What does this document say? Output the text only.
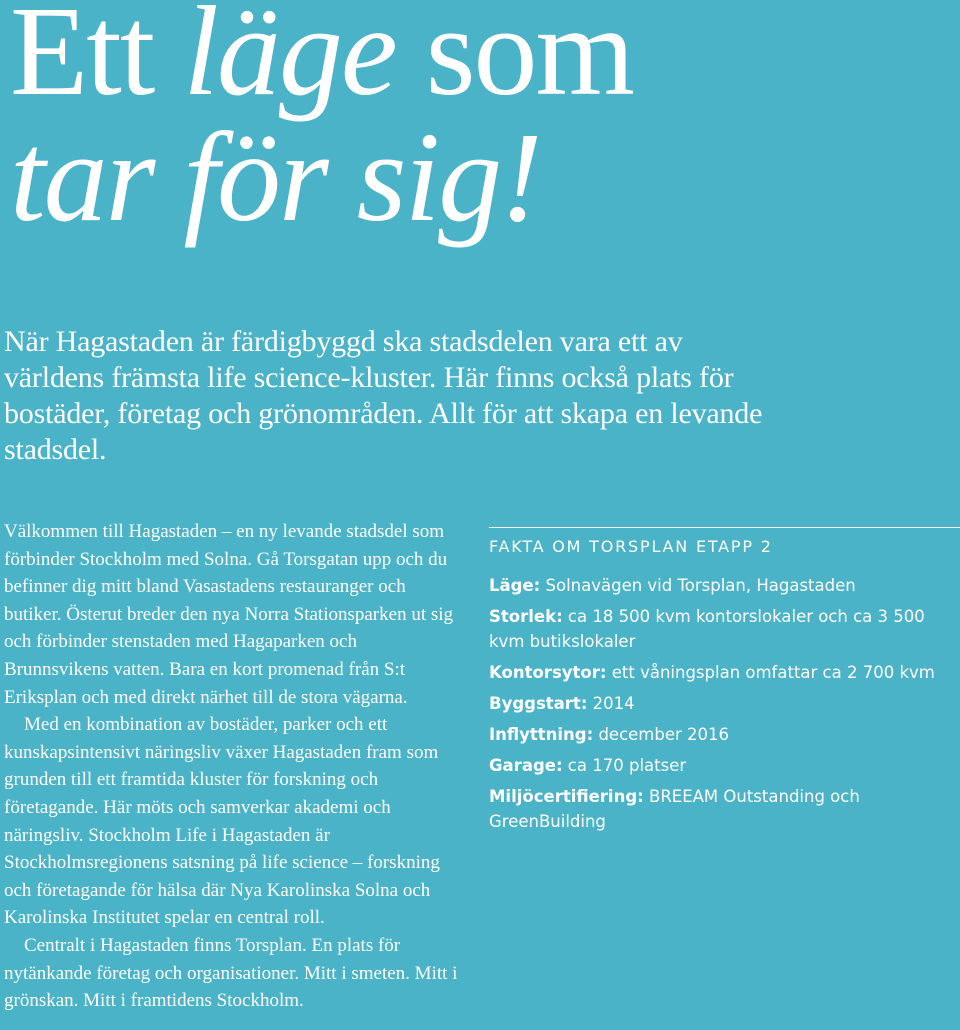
Ett läge som
tar för sig!

När Hagastaden är färdigbyggd ska stadsdelen vara ett av världens främsta life science-kluster. Här finns också plats för bostäder, företag och grönområden. Allt för att skapa en levande stadsdel.

Välkommen till Hagastaden – en ny levande stadsdel som förbinder Stockholm med Solna. Gå Torsgatan upp och du befinner dig mitt bland Vasastadens restauranger och butiker. Österut breder den nya Norra Stationsparken ut sig och förbinder stenstaden med Hagaparken och Brunnsvikens vatten. Bara en kort promenad från S:t Eriksplan och med direkt närhet till de stora vägarna.

Med en kombination av bostäder, parker och ett kunskapsintensivt näringsliv växer Hagastaden fram som grunden till ett framtida kluster för forskning och företagande. Här möts och samverkar akademi och näringsliv. Stockholm Life i Hagastaden är Stockholmsregionens satsning på life science – forskning och företagande för hälsa där Nya Karolinska Solna och Karolinska Institutet spelar en central roll.

Centralt i Hagastaden finns Torsplan. En plats för nytänkande företag och organisationer. Mitt i smeten. Mitt i grönskan. Mitt i framtidens Stockholm.

FAKTA OM TORSPLAN ETAPP 2
Läge: Solnavägen vid Torsplan, Hagastaden
Storlek: ca 18 500 kvm kontorslokaler och ca 3 500 kvm butikslokaler
Kontorsytor: ett våningsplan omfattar ca 2 700 kvm
Byggstart: 2014
Inflyttning: december 2016
Garage: ca 170 platser
Miljöcertifiering: BREEAM Outstanding och GreenBuilding
